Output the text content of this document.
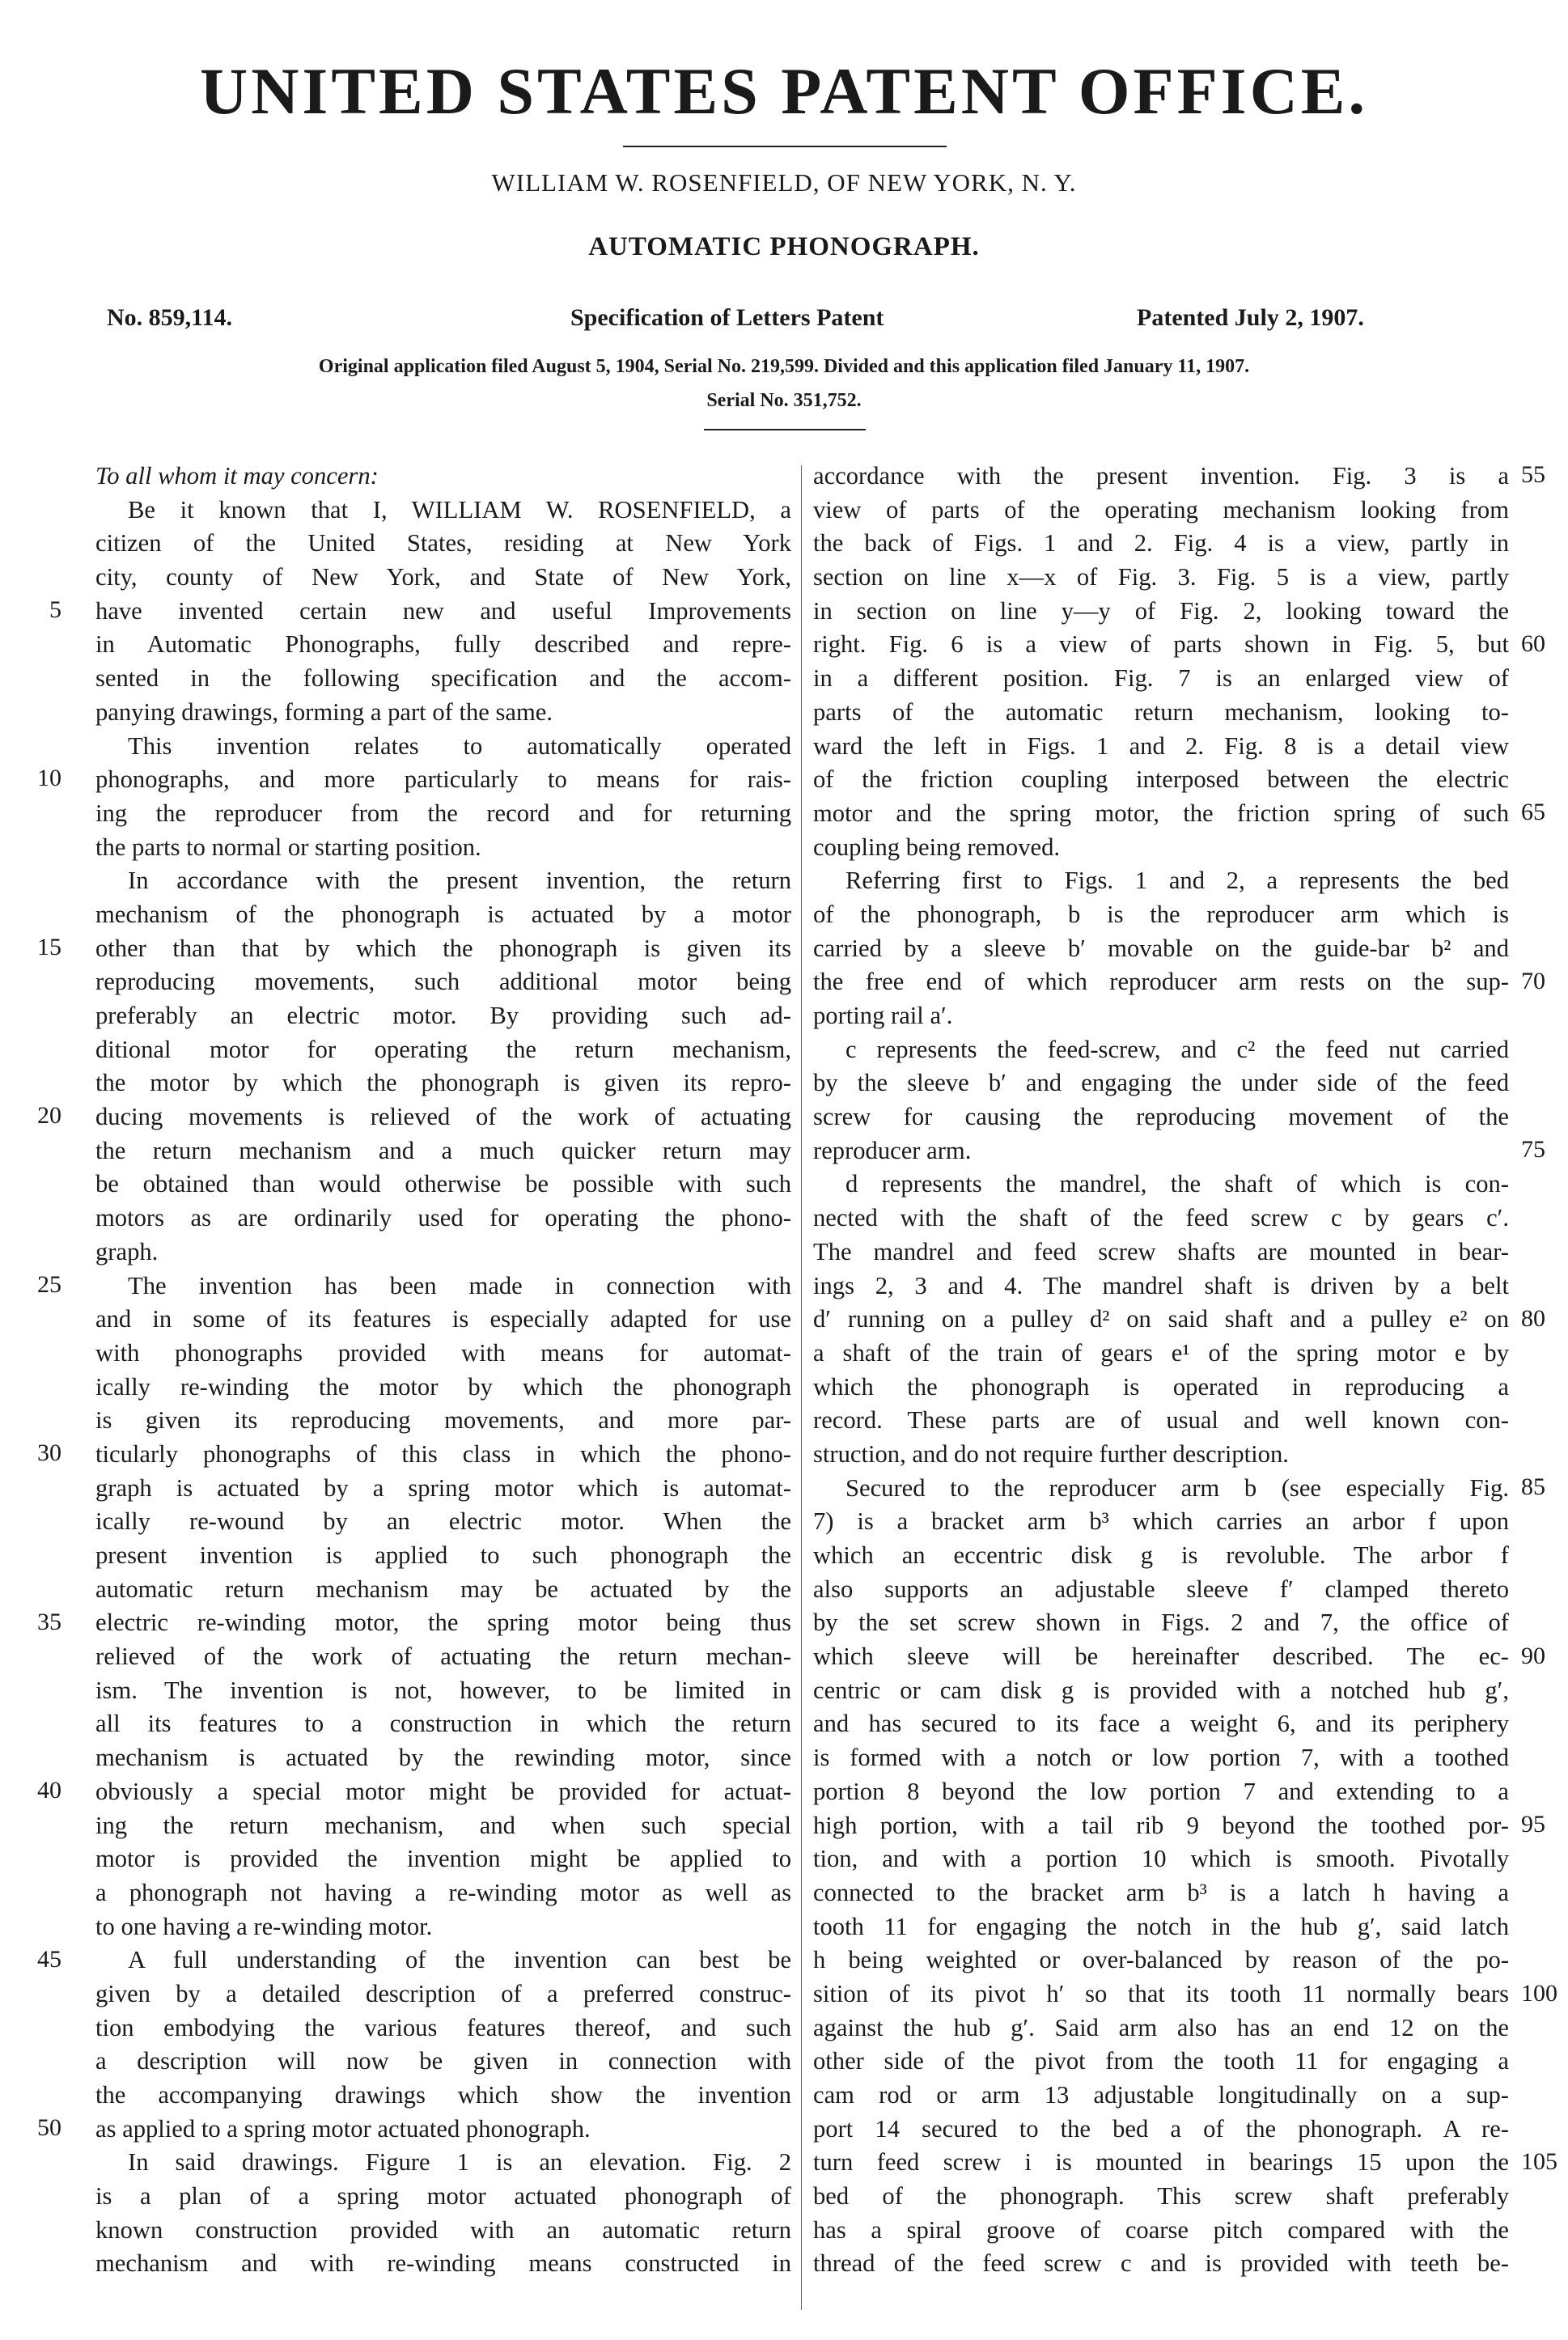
UNITED STATES PATENT OFFICE.
WILLIAM W. ROSENFIELD, OF NEW YORK, N. Y.
AUTOMATIC PHONOGRAPH.
No. 859,114.	Specification of Letters Patent	Patented July 2, 1907.
Original application filed August 5, 1904, Serial No. 219,599. Divided and this application filed January 11, 1907.
Serial No. 351,752.
To all whom it may concern:
Be it known that I, WILLIAM W. ROSENFIELD, a
citizen of the United States, residing at New York
city, county of New York, and State of New York,
have invented certain new and useful Improvements
in Automatic Phonographs, fully described and repre-
sented in the following specification and the accom-
panying drawings, forming a part of the same.
This invention relates to automatically operated
phonographs, and more particularly to means for rais-
ing the reproducer from the record and for returning
the parts to normal or starting position.
In accordance with the present invention, the return
mechanism of the phonograph is actuated by a motor
other than that by which the phonograph is given its
reproducing movements, such additional motor being
preferably an electric motor. By providing such ad-
ditional motor for operating the return mechanism,
the motor by which the phonograph is given its repro-
ducing movements is relieved of the work of actuating
the return mechanism and a much quicker return may
be obtained than would otherwise be possible with such
motors as are ordinarily used for operating the phono-
graph.
The invention has been made in connection with
and in some of its features is especially adapted for use
with phonographs provided with means for automat-
ically re-winding the motor by which the phonograph
is given its reproducing movements, and more par-
ticularly phonographs of this class in which the phono-
graph is actuated by a spring motor which is automat-
ically re-wound by an electric motor. When the
present invention is applied to such phonograph the
automatic return mechanism may be actuated by the
electric re-winding motor, the spring motor being thus
relieved of the work of actuating the return mechan-
ism. The invention is not, however, to be limited in
all its features to a construction in which the return
mechanism is actuated by the rewinding motor, since
obviously a special motor might be provided for actuat-
ing the return mechanism, and when such special
motor is provided the invention might be applied to
a phonograph not having a re-winding motor as well as
to one having a re-winding motor.
A full understanding of the invention can best be
given by a detailed description of a preferred construc-
tion embodying the various features thereof, and such
a description will now be given in connection with
the accompanying drawings which show the invention
as applied to a spring motor actuated phonograph.
In said drawings. Figure 1 is an elevation. Fig. 2
is a plan of a spring motor actuated phonograph of
known construction provided with an automatic return
mechanism and with re-winding means constructed in
accordance with the present invention. Fig. 3 is a
view of parts of the operating mechanism looking from
the back of Figs. 1 and 2. Fig. 4 is a view, partly in
section on line x—x of Fig. 3. Fig. 5 is a view, partly
in section on line y—y of Fig. 2, looking toward the
right. Fig. 6 is a view of parts shown in Fig. 5, but
in a different position. Fig. 7 is an enlarged view of
parts of the automatic return mechanism, looking to-
ward the left in Figs. 1 and 2. Fig. 8 is a detail view
of the friction coupling interposed between the electric
motor and the spring motor, the friction spring of such
coupling being removed.
Referring first to Figs. 1 and 2, a represents the bed
of the phonograph, b is the reproducer arm which is
carried by a sleeve b′ movable on the guide-bar b² and
the free end of which reproducer arm rests on the sup-
porting rail a′.
c represents the feed-screw, and c² the feed nut carried
by the sleeve b′ and engaging the under side of the feed
screw for causing the reproducing movement of the
reproducer arm.
d represents the mandrel, the shaft of which is con-
nected with the shaft of the feed screw c by gears c′.
The mandrel and feed screw shafts are mounted in bear-
ings 2, 3 and 4. The mandrel shaft is driven by a belt
d′ running on a pulley d² on said shaft and a pulley e² on
a shaft of the train of gears e¹ of the spring motor e by
which the phonograph is operated in reproducing a
record. These parts are of usual and well known con-
struction, and do not require further description.
Secured to the reproducer arm b (see especially Fig.
7) is a bracket arm b³ which carries an arbor f upon
which an eccentric disk g is revoluble. The arbor f
also supports an adjustable sleeve f′ clamped thereto
by the set screw shown in Figs. 2 and 7, the office of
which sleeve will be hereinafter described. The ec-
centric or cam disk g is provided with a notched hub g′,
and has secured to its face a weight 6, and its periphery
is formed with a notch or low portion 7, with a toothed
portion 8 beyond the low portion 7 and extending to a
high portion, with a tail rib 9 beyond the toothed por-
tion, and with a portion 10 which is smooth. Pivotally
connected to the bracket arm b³ is a latch h having a
tooth 11 for engaging the notch in the hub g′, said latch
h being weighted or over-balanced by reason of the po-
sition of its pivot h′ so that its tooth 11 normally bears
against the hub g′. Said arm also has an end 12 on the
other side of the pivot from the tooth 11 for engaging a
cam rod or arm 13 adjustable longitudinally on a sup-
port 14 secured to the bed a of the phonograph. A re-
turn feed screw i is mounted in bearings 15 upon the
bed of the phonograph. This screw shaft preferably
has a spiral groove of coarse pitch compared with the
thread of the feed screw c and is provided with teeth be-
5
10
15
20
25
30
35
40
45
50
55
60
65
70
75
80
85
90
95
100
105
